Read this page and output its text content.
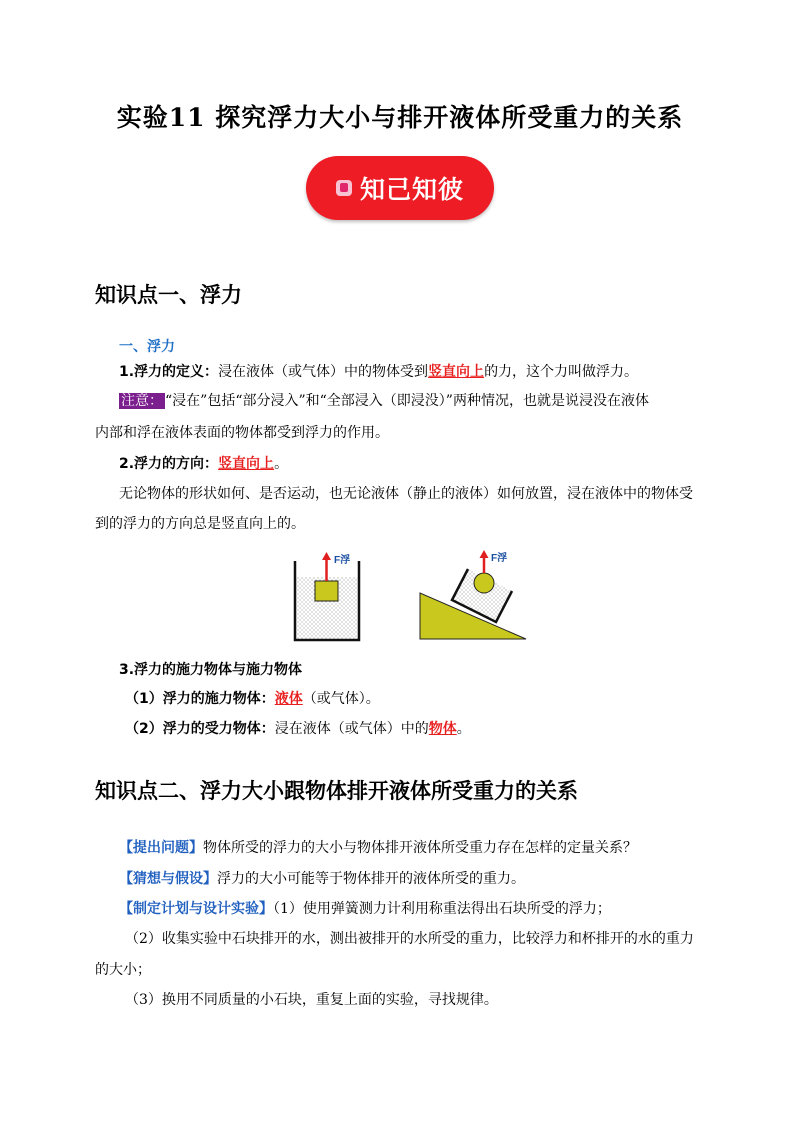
实验11 探究浮力大小与排开液体所受重力的关系
知己知彼
知识点一、浮力
一、浮力
1.浮力的定义：浸在液体（或气体）中的物体受到竖直向上的力，这个力叫做浮力。
注意： “浸在”包括“部分浸入”和“全部浸入（即浸没）”两种情况，也就是说浸没在液体
内部和浮在液体表面的物体都受到浮力的作用。
2.浮力的方向：竖直向上。
无论物体的形状如何、是否运动，也无论液体（静止的液体）如何放置，浸在液体中的物体受
到的浮力的方向总是竖直向上的。
F浮	F浮
3.浮力的施力物体与施力物体
（1）浮力的施力物体：液体（或气体）。
（2）浮力的受力物体：浸在液体（或气体）中的物体。
知识点二、浮力大小跟物体排开液体所受重力的关系
【提出问题】物体所受的浮力的大小与物体排开液体所受重力存在怎样的定量关系？
【猜想与假设】浮力的大小可能等于物体排开的液体所受的重力。
【制定计划与设计实验】（1）使用弹簧测力计利用称重法得出石块所受的浮力；
（2）收集实验中石块排开的水，测出被排开的水所受的重力，比较浮力和杯排开的水的重力
的大小；
（3）换用不同质量的小石块，重复上面的实验，寻找规律。
